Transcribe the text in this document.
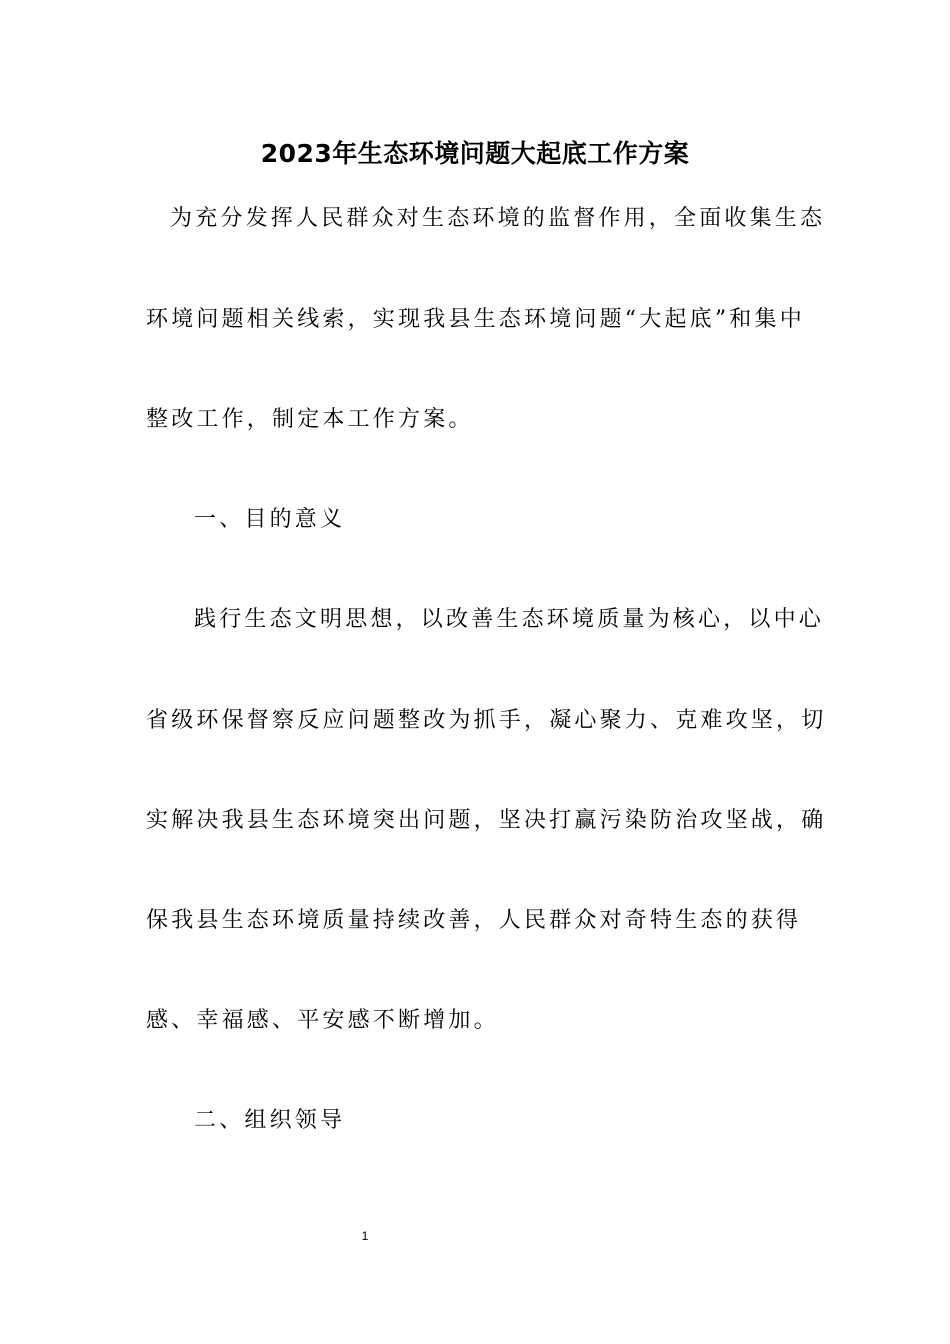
2023年生态环境问题大起底工作方案

为充分发挥人民群众对生态环境的监督作用，全面收集生态

环境问题相关线索，实现我县生态环境问题“大起底”和集中

整改工作，制定本工作方案。

一、目的意义

践行生态文明思想，以改善生态环境质量为核心，以中心

省级环保督察反应问题整改为抓手，凝心聚力、克难攻坚，切

实解决我县生态环境突出问题，坚决打赢污染防治攻坚战，确

保我县生态环境质量持续改善，人民群众对奇特生态的获得

感、幸福感、平安感不断增加。

二、组织领导

1
